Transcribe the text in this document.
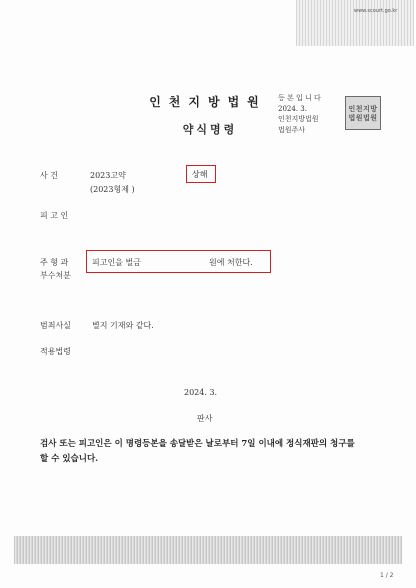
www.scourt.go.kr
인천지방법원
약식명령
등 본 입 니 다
2024. 3.
인천지방법원
법원주사
인천지방
법원법원
사 건	2023고약
(2023형제 )
상해
피 고 인
주 형 과
부수처분
피고인을 벌금	원에 처한다.
범죄사실	별지 기재와 같다.
적용법령
2024. 3.
판사
검사 또는 피고인은 이 명령등본을 송달받은 날로부터 7일 이내에 정식재판의 청구를
할 수 있습니다.
1 / 2
